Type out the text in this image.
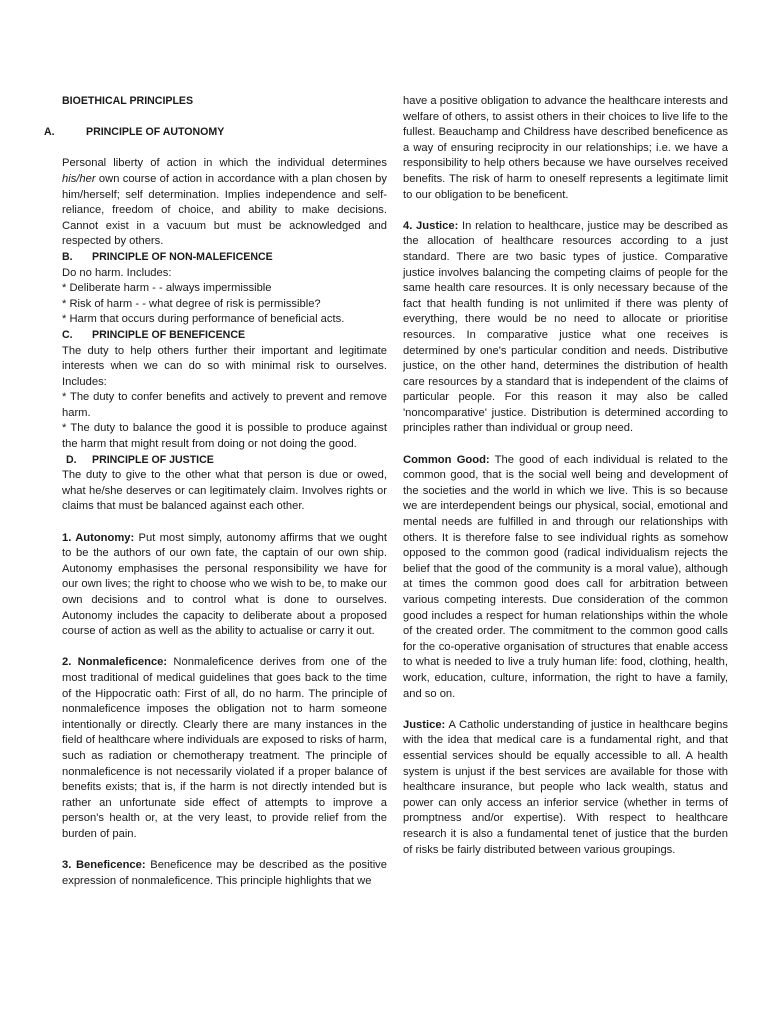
BIOETHICAL PRINCIPLES

A.	PRINCIPLE OF AUTONOMY

Personal liberty of action in which the individual determines his/her own course of action in accordance with a plan chosen by him/herself; self determination. Implies independence and self-reliance, freedom of choice, and ability to make decisions. Cannot exist in a vacuum but must be acknowledged and respected by others.

B. PRINCIPLE OF NON-MALEFICENCE

Do no harm. Includes:

* Deliberate harm - - always impermissible

* Risk of harm - - what degree of risk is permissible?

* Harm that occurs during performance of beneficial acts.

C. PRINCIPLE OF BENEFICENCE

The duty to help others further their important and legitimate interests when we can do so with minimal risk to ourselves. Includes:

* The duty to confer benefits and actively to prevent and remove harm.

* The duty to balance the good it is possible to produce against the harm that might result from doing or not doing the good.

D. PRINCIPLE OF JUSTICE

The duty to give to the other what that person is due or owed, what he/she deserves or can legitimately claim. Involves rights or claims that must be balanced against each other.

1. Autonomy: Put most simply, autonomy affirms that we ought to be the authors of our own fate, the captain of our own ship. Autonomy emphasises the personal responsibility we have for our own lives; the right to choose who we wish to be, to make our own decisions and to control what is done to ourselves. Autonomy includes the capacity to deliberate about a proposed course of action as well as the ability to actualise or carry it out.

2. Nonmaleficence: Nonmaleficence derives from one of the most traditional of medical guidelines that goes back to the time of the Hippocratic oath: First of all, do no harm. The principle of nonmaleficence imposes the obligation not to harm someone intentionally or directly. Clearly there are many instances in the field of healthcare where individuals are exposed to risks of harm, such as radiation or chemotherapy treatment. The principle of nonmaleficence is not necessarily violated if a proper balance of benefits exists; that is, if the harm is not directly intended but is rather an unfortunate side effect of attempts to improve a person's health or, at the very least, to provide relief from the burden of pain.

3. Beneficence: Beneficence may be described as the positive expression of nonmaleficence. This principle highlights that we

have a positive obligation to advance the healthcare interests and welfare of others, to assist others in their choices to live life to the fullest. Beauchamp and Childress have described beneficence as a way of ensuring reciprocity in our relationships; i.e. we have a responsibility to help others because we have ourselves received benefits. The risk of harm to oneself represents a legitimate limit to our obligation to be beneficent.

4. Justice: In relation to healthcare, justice may be described as the allocation of healthcare resources according to a just standard. There are two basic types of justice. Comparative justice involves balancing the competing claims of people for the same health care resources. It is only necessary because of the fact that health funding is not unlimited if there was plenty of everything, there would be no need to allocate or prioritise resources. In comparative justice what one receives is determined by one's particular condition and needs. Distributive justice, on the other hand, determines the distribution of health care resources by a standard that is independent of the claims of particular people. For this reason it may also be called 'noncomparative' justice. Distribution is determined according to principles rather than individual or group need.

Common Good: The good of each individual is related to the common good, that is the social well being and development of the societies and the world in which we live. This is so because we are interdependent beings our physical, social, emotional and mental needs are fulfilled in and through our relationships with others. It is therefore false to see individual rights as somehow opposed to the common good (radical individualism rejects the belief that the good of the community is a moral value), although at times the common good does call for arbitration between various competing interests. Due consideration of the common good includes a respect for human relationships within the whole of the created order. The commitment to the common good calls for the co-operative organisation of structures that enable access to what is needed to live a truly human life: food, clothing, health, work, education, culture, information, the right to have a family, and so on.

Justice: A Catholic understanding of justice in healthcare begins with the idea that medical care is a fundamental right, and that essential services should be equally accessible to all. A health system is unjust if the best services are available for those with healthcare insurance, but people who lack wealth, status and power can only access an inferior service (whether in terms of promptness and/or expertise). With respect to healthcare research it is also a fundamental tenet of justice that the burden of risks be fairly distributed between various groupings.
